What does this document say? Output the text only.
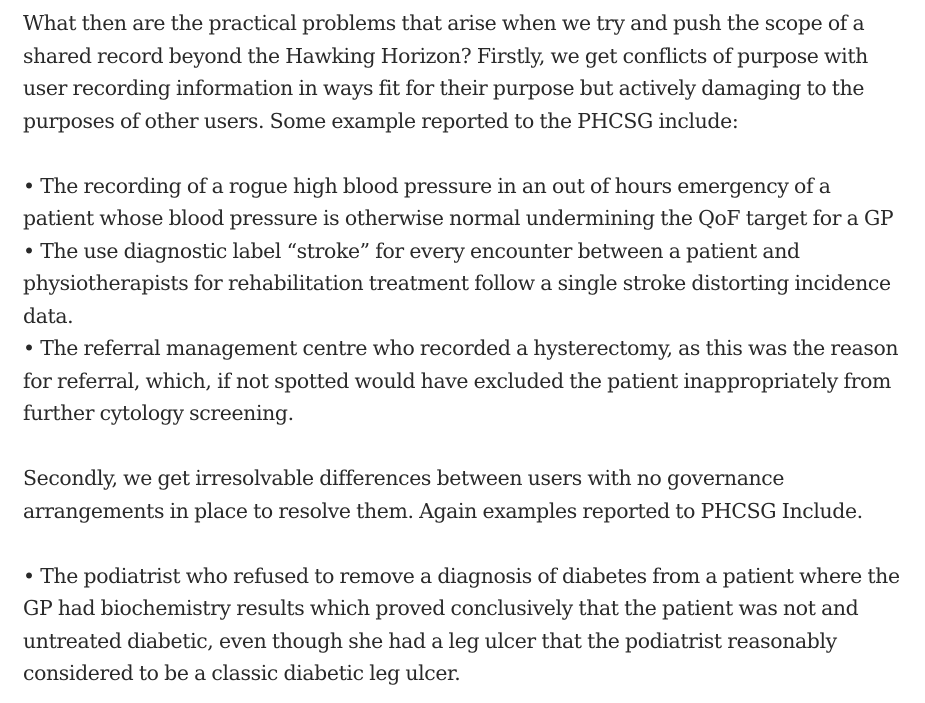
What then are the practical problems that arise when we try and push the scope of a shared record beyond the Hawking Horizon? Firstly, we get conflicts of purpose with user recording information in ways fit for their purpose but actively damaging to the purposes of other users. Some example reported to the PHCSG include:

• The recording of a rogue high blood pressure in an out of hours emergency of a patient whose blood pressure is otherwise normal undermining the QoF target for a GP

• The use diagnostic label “stroke” for every encounter between a patient and physiotherapists for rehabilitation treatment follow a single stroke distorting incidence data.

• The referral management centre who recorded a hysterectomy, as this was the reason for referral, which, if not spotted would have excluded the patient inappropriately from further cytology screening.

Secondly, we get irresolvable differences between users with no governance arrangements in place to resolve them. Again examples reported to PHCSG Include.

• The podiatrist who refused to remove a diagnosis of diabetes from a patient where the GP had biochemistry results which proved conclusively that the patient was not and untreated diabetic, even though she had a leg ulcer that the podiatrist reasonably considered to be a classic diabetic leg ulcer.
